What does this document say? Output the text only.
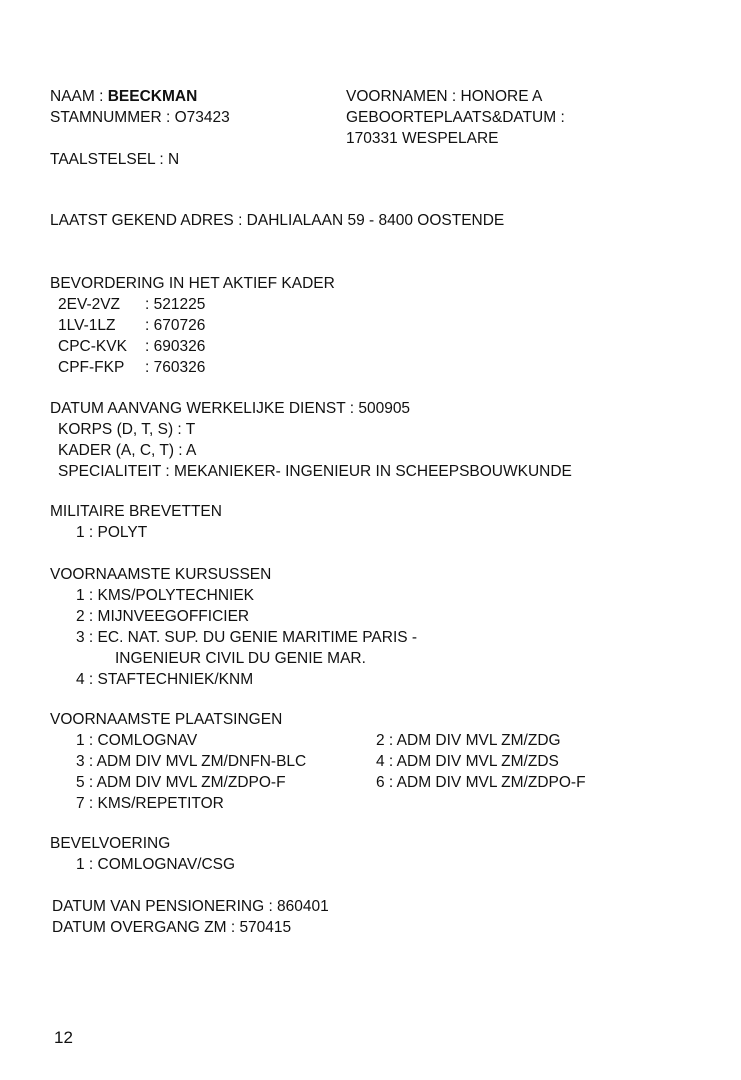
NAAM : BEECKMAN
STAMNUMMER : O73423
VOORNAMEN : HONORE A
GEBOORTEPLAATS&DATUM :
170331 WESPELARE
TAALSTELSEL : N
LAATST GEKEND ADRES : DAHLIALAAN 59 - 8400 OOSTENDE
BEVORDERING IN HET AKTIEF KADER
2EV-2VZ	: 521225
1LV-1LZ	: 670726
CPC-KVK	: 690326
CPF-FKP	: 760326
DATUM AANVANG WERKELIJKE DIENST : 500905
KORPS (D, T, S) : T
KADER (A, C, T) : A
SPECIALITEIT : MEKANIEKER- INGENIEUR IN SCHEEPSBOUWKUNDE
MILITAIRE BREVETTEN
1 : POLYT
VOORNAAMSTE KURSUSSEN
1 : KMS/POLYTECHNIEK
2 : MIJNVEEGOFFICIER
3 : EC. NAT. SUP. DU GENIE MARITIME PARIS -
INGENIEUR CIVIL DU GENIE MAR.
4 : STAFTECHNIEK/KNM
VOORNAAMSTE PLAATSINGEN
1 : COMLOGNAV	2 : ADM DIV MVL ZM/ZDG
3 : ADM DIV MVL ZM/DNFN-BLC	4 : ADM DIV MVL ZM/ZDS
5 : ADM DIV MVL ZM/ZDPO-F	6 : ADM DIV MVL ZM/ZDPO-F
7 : KMS/REPETITOR
BEVELVOERING
1 : COMLOGNAV/CSG
DATUM VAN PENSIONERING : 860401
DATUM OVERGANG ZM : 570415
12
